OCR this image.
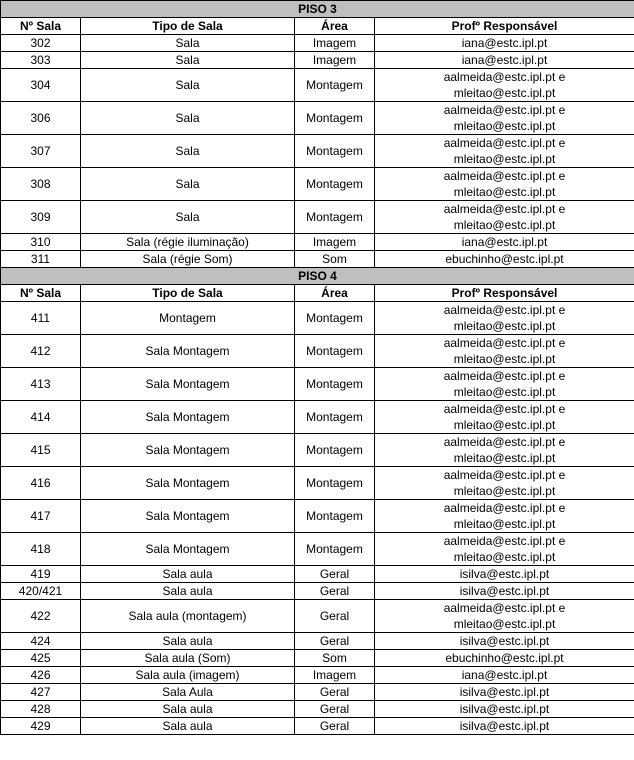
PISO 3			
Nº Sala	Tipo de Sala	Área	Profº Responsável
302	Sala	Imagem	iana@estc.ipl.pt

303	Sala	Imagem	iana@estc.ipl.pt

304	Sala	Montagem	aalmeida@estc.ipl.pt e
mleitao@estc.ipl.pt

306	Sala	Montagem	aalmeida@estc.ipl.pt e
mleitao@estc.ipl.pt

307	Sala	Montagem	aalmeida@estc.ipl.pt e
mleitao@estc.ipl.pt

308	Sala	Montagem	aalmeida@estc.ipl.pt e
mleitao@estc.ipl.pt

309	Sala	Montagem	aalmeida@estc.ipl.pt e
mleitao@estc.ipl.pt

310	Sala (régie iluminação)	Imagem	iana@estc.ipl.pt

311	Sala (régie Som)	Som	ebuchinho@estc.ipl.pt

PISO 4			
Nº Sala	Tipo de Sala	Área	Profº Responsável
411	Montagem	Montagem	aalmeida@estc.ipl.pt e
mleitao@estc.ipl.pt

412	Sala Montagem	Montagem	aalmeida@estc.ipl.pt e
mleitao@estc.ipl.pt

413	Sala Montagem	Montagem	aalmeida@estc.ipl.pt e
mleitao@estc.ipl.pt

414	Sala Montagem	Montagem	aalmeida@estc.ipl.pt e
mleitao@estc.ipl.pt

415	Sala Montagem	Montagem	aalmeida@estc.ipl.pt e
mleitao@estc.ipl.pt

416	Sala Montagem	Montagem	aalmeida@estc.ipl.pt e
mleitao@estc.ipl.pt

417	Sala Montagem	Montagem	aalmeida@estc.ipl.pt e
mleitao@estc.ipl.pt

418	Sala Montagem	Montagem	aalmeida@estc.ipl.pt e
mleitao@estc.ipl.pt

419	Sala aula	Geral	isilva@estc.ipl.pt

420/421	Sala aula	Geral	isilva@estc.ipl.pt

422	Sala aula (montagem)	Geral	aalmeida@estc.ipl.pt e
mleitao@estc.ipl.pt

424	Sala aula	Geral	isilva@estc.ipl.pt

425	Sala aula (Som)	Som	ebuchinho@estc.ipl.pt

426	Sala aula (imagem)	Imagem	iana@estc.ipl.pt

427	Sala Aula	Geral	isilva@estc.ipl.pt

428	Sala aula	Geral	isilva@estc.ipl.pt

429	Sala aula	Geral	isilva@estc.ipl.pt
